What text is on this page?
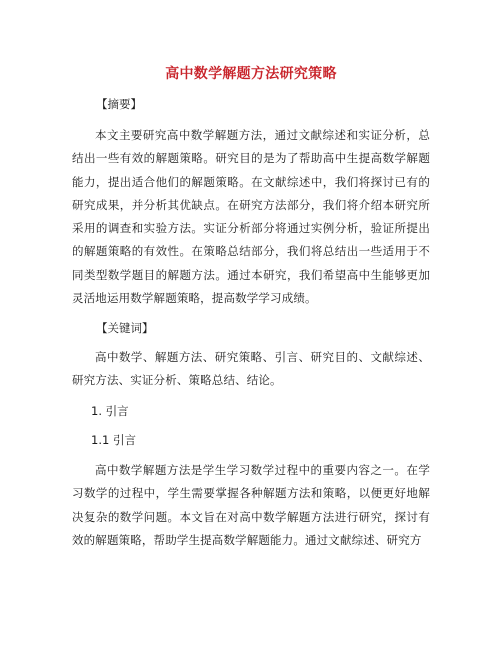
高中数学解题方法研究策略
【摘要】
本文主要研究高中数学解题方法，通过文献综述和实证分析，总结出一些有效的解题策略。研究目的是为了帮助高中生提高数学解题能力，提出适合他们的解题策略。在文献综述中，我们将探讨已有的研究成果，并分析其优缺点。在研究方法部分，我们将介绍本研究所采用的调查和实验方法。实证分析部分将通过实例分析，验证所提出的解题策略的有效性。在策略总结部分，我们将总结出一些适用于不同类型数学题目的解题方法。通过本研究，我们希望高中生能够更加灵活地运用数学解题策略，提高数学学习成绩。
【关键词】
高中数学、解题方法、研究策略、引言、研究目的、文献综述、研究方法、实证分析、策略总结、结论。
1. 引言
1.1 引言
高中数学解题方法是学生学习数学过程中的重要内容之一。在学习数学的过程中，学生需要掌握各种解题方法和策略，以便更好地解决复杂的数学问题。本文旨在对高中数学解题方法进行研究，探讨有效的解题策略，帮助学生提高数学解题能力。通过文献综述、研究方
